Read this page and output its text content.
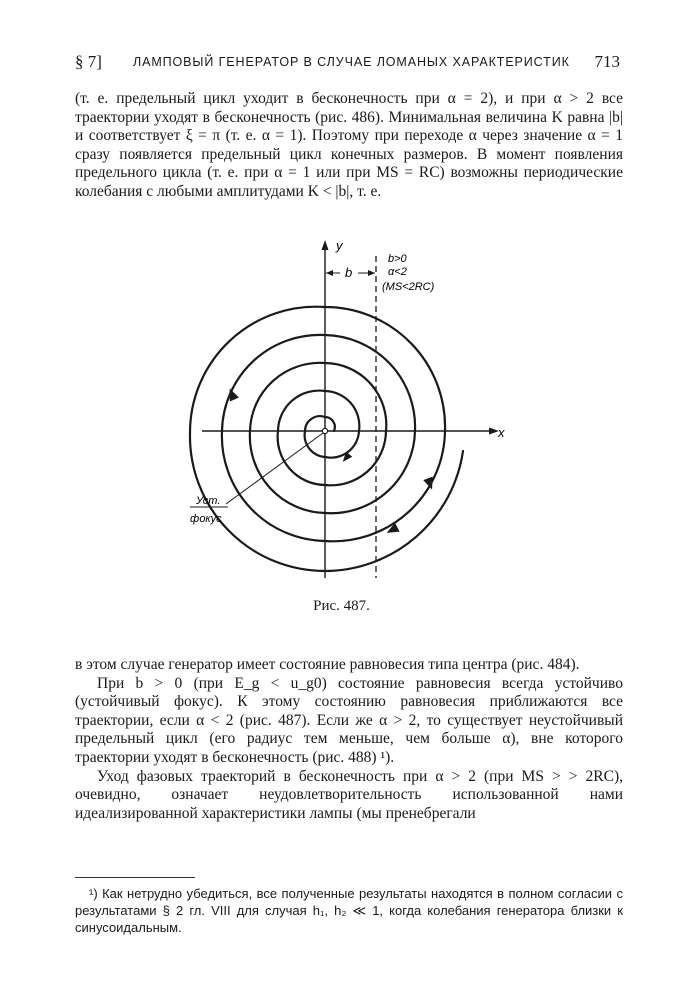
§ 7] ЛАМПОВЫЙ ГЕНЕРАТОР В СЛУЧАЕ ЛОМАНЫХ ХАРАКТЕРИСТИК 713

(т. е. предельный цикл уходит в бесконечность при α = 2), и при α > 2 все траектории уходят в бесконечность (рис. 486). Минимальная величина K равна |b| и соответствует ξ = π (т. е. α = 1). Поэтому при переходе α через значение α = 1 сразу появляется предельный цикл конечных размеров. В момент появления предельного цикла (т. е. при α = 1 или при MS = RC) возможны периодические колебания с любыми амплитудами K < |b|, т. е.

y
x
b
b>0
α<2
(MS<2RC)
Уст.
фокус
Рис. 487.

в этом случае генератор имеет состояние равновесия типа центра (рис. 484).

При b > 0 (при E_g < u_g0) состояние равновесия всегда устойчиво (устойчивый фокус). К этому состоянию равновесия приближаются все траектории, если α < 2 (рис. 487). Если же α > 2, то существует неустойчивый предельный цикл (его радиус тем меньше, чем больше α), вне которого траектории уходят в бесконечность (рис. 488) ¹).

Уход фазовых траекторий в бесконечность при α > 2 (при MS > > 2RC), очевидно, означает неудовлетворительность использованной нами идеализированной характеристики лампы (мы пренебрегали

¹) Как нетрудно убедиться, все полученные результаты находятся в полном согласии с результатами § 2 гл. VIII для случая h₁, h₂ ≪ 1, когда колебания генератора близки к синусоидальным.
